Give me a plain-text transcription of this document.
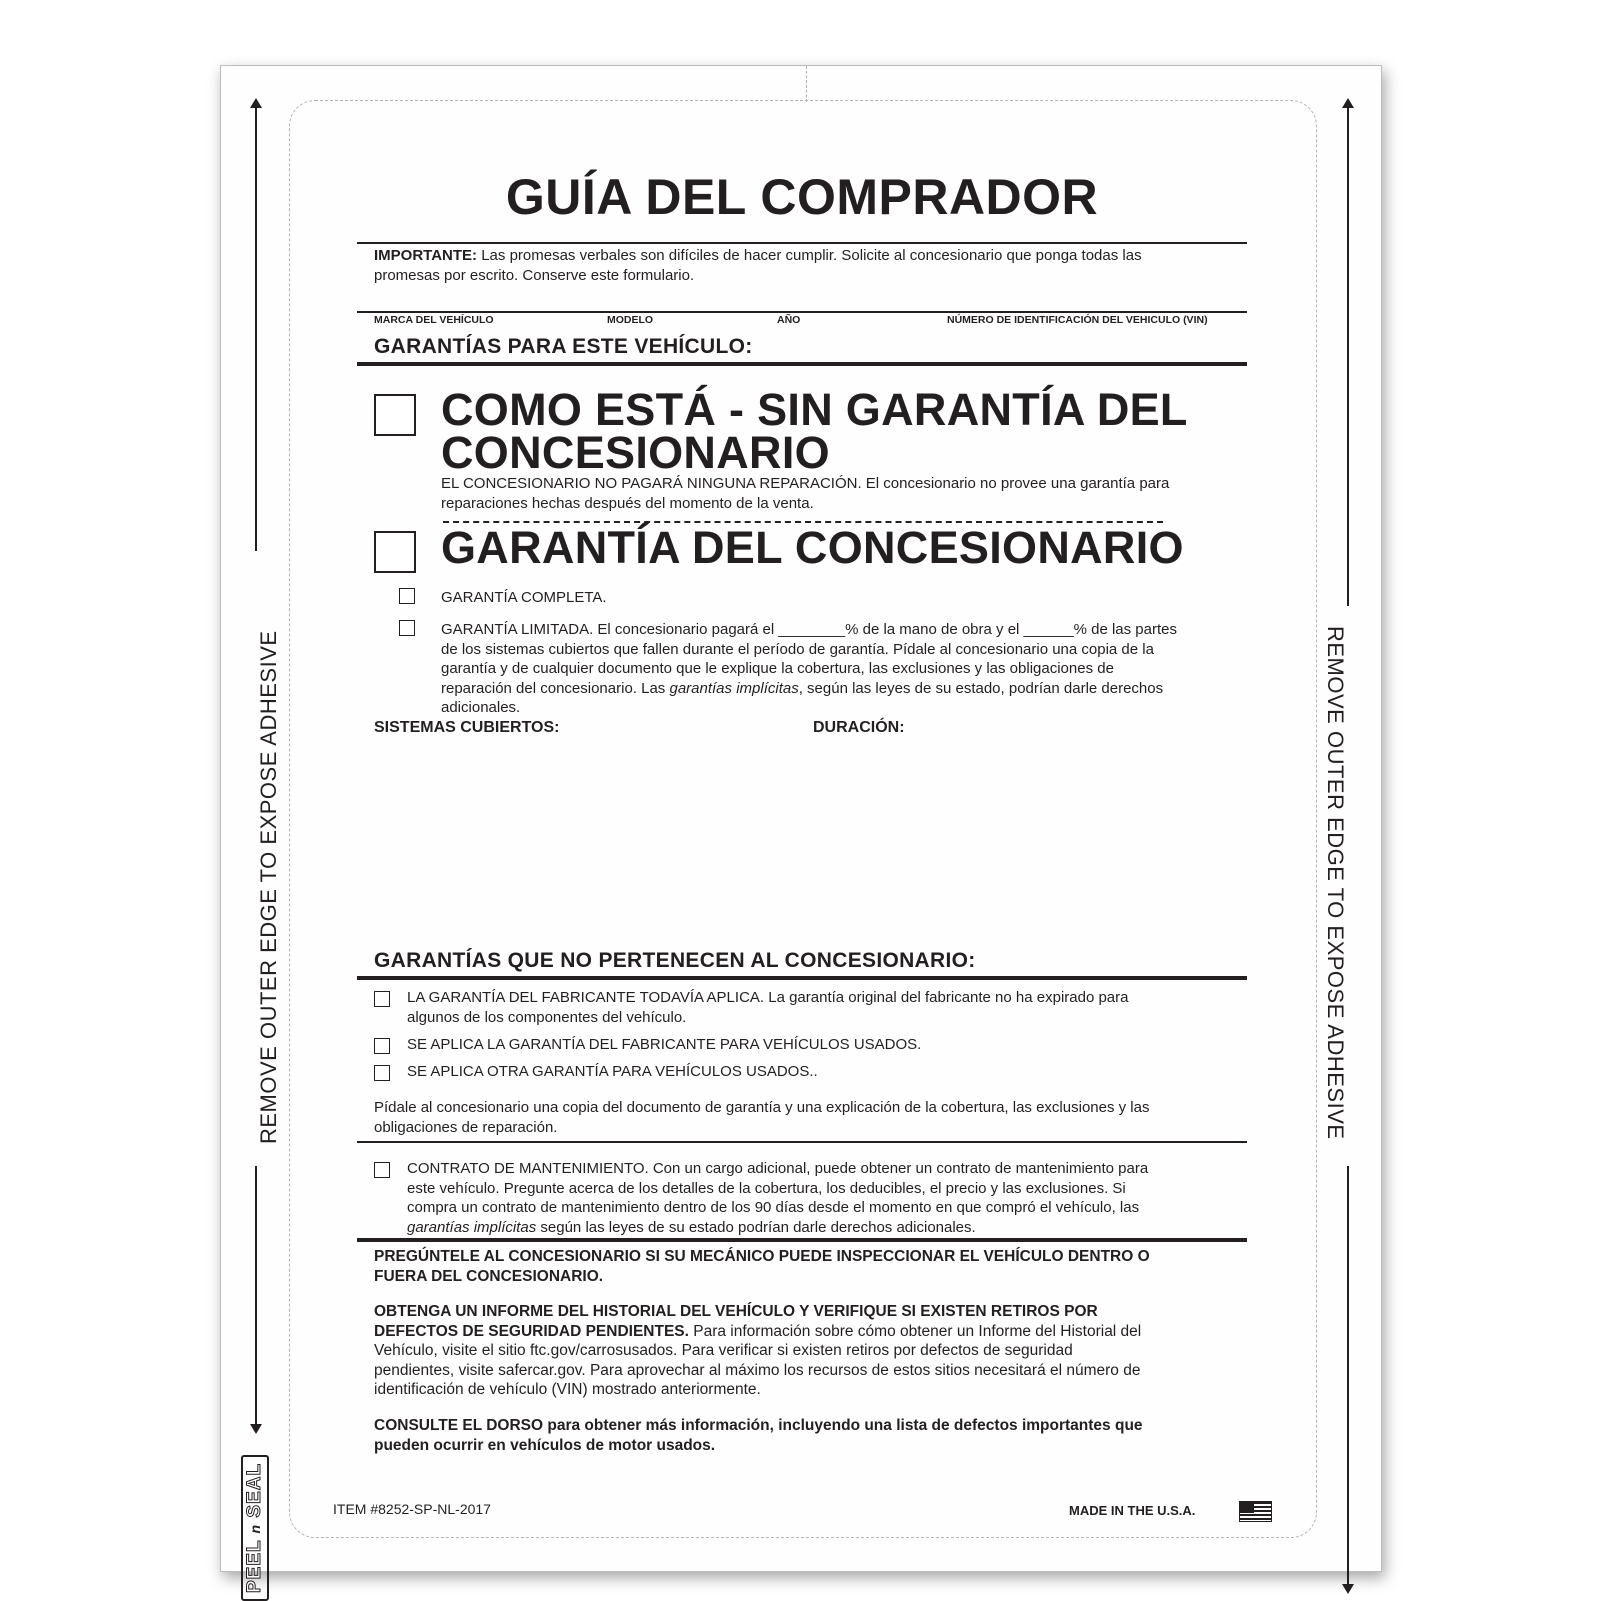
REMOVE OUTER EDGE TO EXPOSE ADHESIVE	REMOVE OUTER EDGE TO EXPOSE ADHESIVE
PEEL n SEAL
GUÍA DEL COMPRADOR
IMPORTANTE: Las promesas verbales son difíciles de hacer cumplir. Solicite al concesionario que ponga todas las
promesas por escrito. Conserve este formulario.
MARCA DEL VEHÍCULO	MODELO	AÑO	NÚMERO DE IDENTIFICACIÓN DEL VEHICULO (VIN)
GARANTÍAS PARA ESTE VEHÍCULO:
COMO ESTÁ - SIN GARANTÍA DEL
CONCESIONARIO
EL CONCESIONARIO NO PAGARÁ NINGUNA REPARACIÓN. El concesionario no provee una garantía para
reparaciones hechas después del momento de la venta.
GARANTÍA DEL CONCESIONARIO
GARANTÍA COMPLETA.
GARANTÍA LIMITADA. El concesionario pagará el ________% de la mano de obra y el ______% de las partes
de los sistemas cubiertos que fallen durante el período de garantía. Pídale al concesionario una copia de la
garantía y de cualquier documento que le explique la cobertura, las exclusiones y las obligaciones de
reparación del concesionario. Las garantías implícitas, según las leyes de su estado, podrían darle derechos
adicionales.
SISTEMAS CUBIERTOS:	DURACIÓN:
GARANTÍAS QUE NO PERTENECEN AL CONCESIONARIO:
LA GARANTÍA DEL FABRICANTE TODAVÍA APLICA. La garantía original del fabricante no ha expirado para
algunos de los componentes del vehículo.
SE APLICA LA GARANTÍA DEL FABRICANTE PARA VEHÍCULOS USADOS.
SE APLICA OTRA GARANTÍA PARA VEHÍCULOS USADOS..
Pídale al concesionario una copia del documento de garantía y una explicación de la cobertura, las exclusiones y las
obligaciones de reparación.
CONTRATO DE MANTENIMIENTO. Con un cargo adicional, puede obtener un contrato de mantenimiento para
este vehículo. Pregunte acerca de los detalles de la cobertura, los deducibles, el precio y las exclusiones. Si
compra un contrato de mantenimiento dentro de los 90 días desde el momento en que compró el vehículo, las
garantías implícitas según las leyes de su estado podrían darle derechos adicionales.
PREGÚNTELE AL CONCESIONARIO SI SU MECÁNICO PUEDE INSPECCIONAR EL VEHÍCULO DENTRO O
FUERA DEL CONCESIONARIO.
OBTENGA UN INFORME DEL HISTORIAL DEL VEHÍCULO Y VERIFIQUE SI EXISTEN RETIROS POR
DEFECTOS DE SEGURIDAD PENDIENTES. Para información sobre cómo obtener un Informe del Historial del
Vehículo, visite el sitio ftc.gov/carrosusados. Para verificar si existen retiros por defectos de seguridad
pendientes, visite safercar.gov. Para aprovechar al máximo los recursos de estos sitios necesitará el número de
identificación de vehículo (VIN) mostrado anteriormente.
CONSULTE EL DORSO para obtener más información, incluyendo una lista de defectos importantes que
pueden ocurrir en vehículos de motor usados.
ITEM #8252-SP-NL-2017	MADE IN THE U.S.A.
